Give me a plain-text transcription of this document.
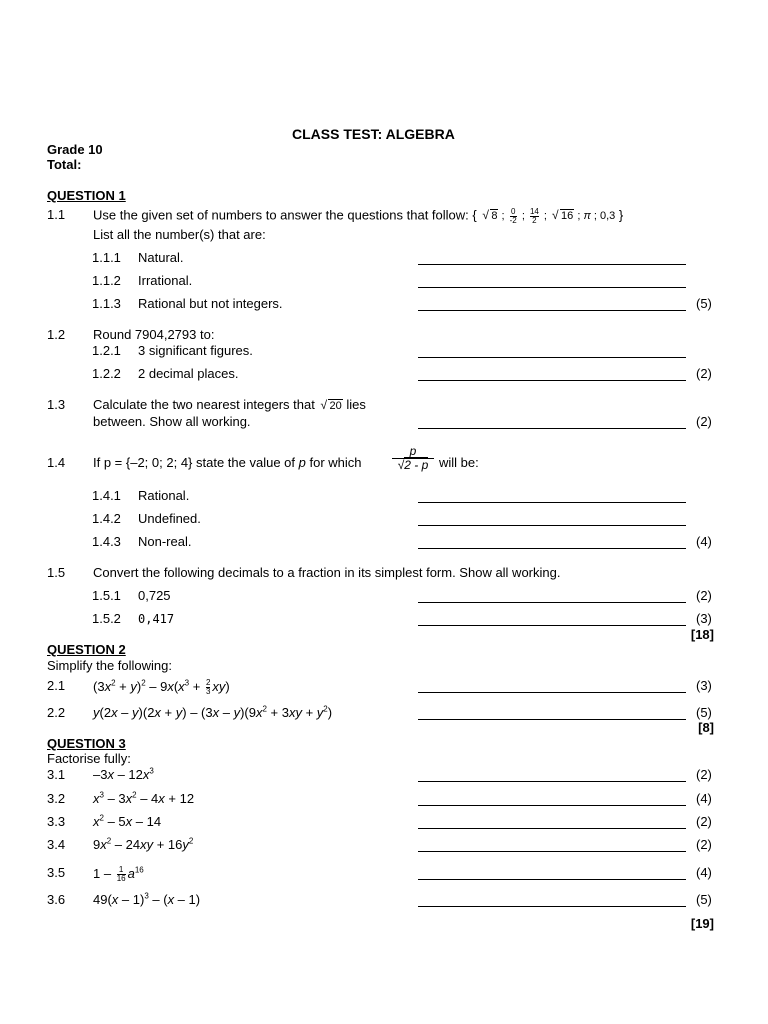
CLASS TEST: ALGEBRA
Grade 10
Total:
QUESTION 1
1.1 Use the given set of numbers to answer the questions that follow: { √ 8 ; $\frac{0}{-2}$ ; $\frac{14}{2}$ ; √ 16 ; π ; 0,3 }
List all the number(s) that are:
1.1.1 Natural.
1.1.2 Irrational.
1.1.3 Rational but not integers.	(5)
1.2 Round 7904,2793 to:
1.2.1 3 significant figures.
1.2.2 2 decimal places.	(2)
1.3 Calculate the two nearest integers that √ 20 lies
between. Show all working.	(2)
1.4 If p = {–2; 0; 2; 4} state the value of p for which
p
√2 - p will be:
1.4.1 Rational.
1.4.2 Undefined.
1.4.3 Non-real.	(4)
1.5 Convert the following decimals to a fraction in its simplest form. Show all working.
1.5.1 0,725	(2)
1.5.2 0,417	(3)
[18]
QUESTION 2
Simplify the following:
2.1 $(3x^2 + y)^2 - 9x(x^3 + \frac{2}{3} xy)$	(3)
2.2 $y(2x - y)(2x + y) - (3x - y)(9x^2 + 3xy + y^2)$	(5)
[8]
QUESTION 3
Factorise fully:
3.1 $-3x - 12x^3$	(2)
3.2 $x^3 - 3x^2 - 4x + 12$	(4)
3.3 $x^2 - 5x - 14$	(2)
3.4 $9x^2 - 24xy + 16y^2$	(2)
3.5 $1 - \frac{1}{16} a^{16}$	(4)
3.6 49(x – 1)$^3$ – (x – 1)	(5)
[19]
